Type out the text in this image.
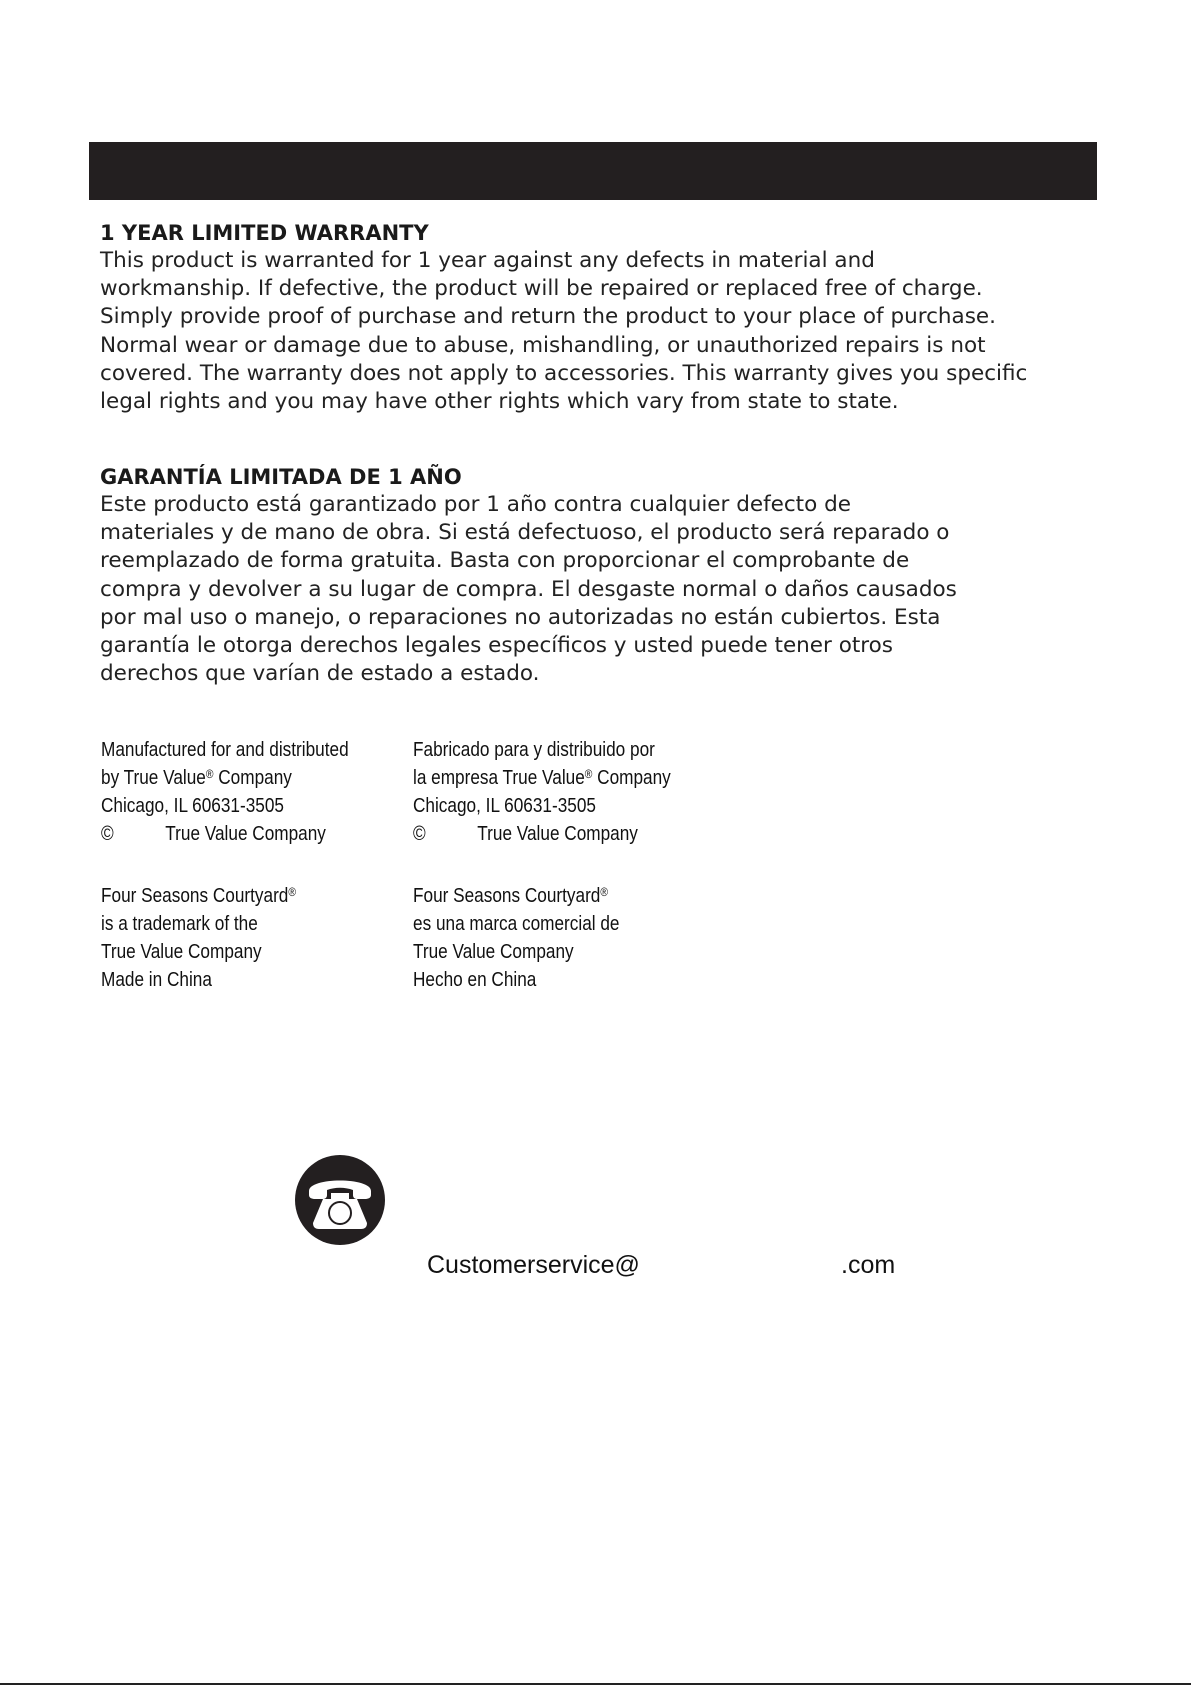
1 YEAR LIMITED WARRANTY

This product is warranted for 1 year against any defects in material and

workmanship. If defective, the product will be repaired or replaced free of charge.

Simply provide proof of purchase and return the product to your place of purchase.

Normal wear or damage due to abuse, mishandling, or unauthorized repairs is not

covered. The warranty does not apply to accessories. This warranty gives you specific

legal rights and you may have other rights which vary from state to state.

GARANTÍA LIMITADA DE 1 AÑO

Este producto está garantizado por 1 año contra cualquier defecto de

materiales y de mano de obra. Si está defectuoso, el producto será reparado o

reemplazado de forma gratuita. Basta con proporcionar el comprobante de

compra y devolver a su lugar de compra. El desgaste normal o daños causados

por mal uso o manejo, o reparaciones no autorizadas no están cubiertos. Esta

garantía le otorga derechos legales específicos y usted puede tener otros

derechos que varían de estado a estado.

Manufactured for and distributed
by True Value® Company
Chicago, IL 60631-3505
©	True Value Company
Fabricado para y distribuido por
la empresa True Value® Company
Chicago, IL 60631-3505
©	True Value Company
Four Seasons Courtyard®
is a trademark of the
True Value Company
Made in China
Four Seasons Courtyard®
es una marca comercial de
True Value Company
Hecho en China
Customerservice@	.com
